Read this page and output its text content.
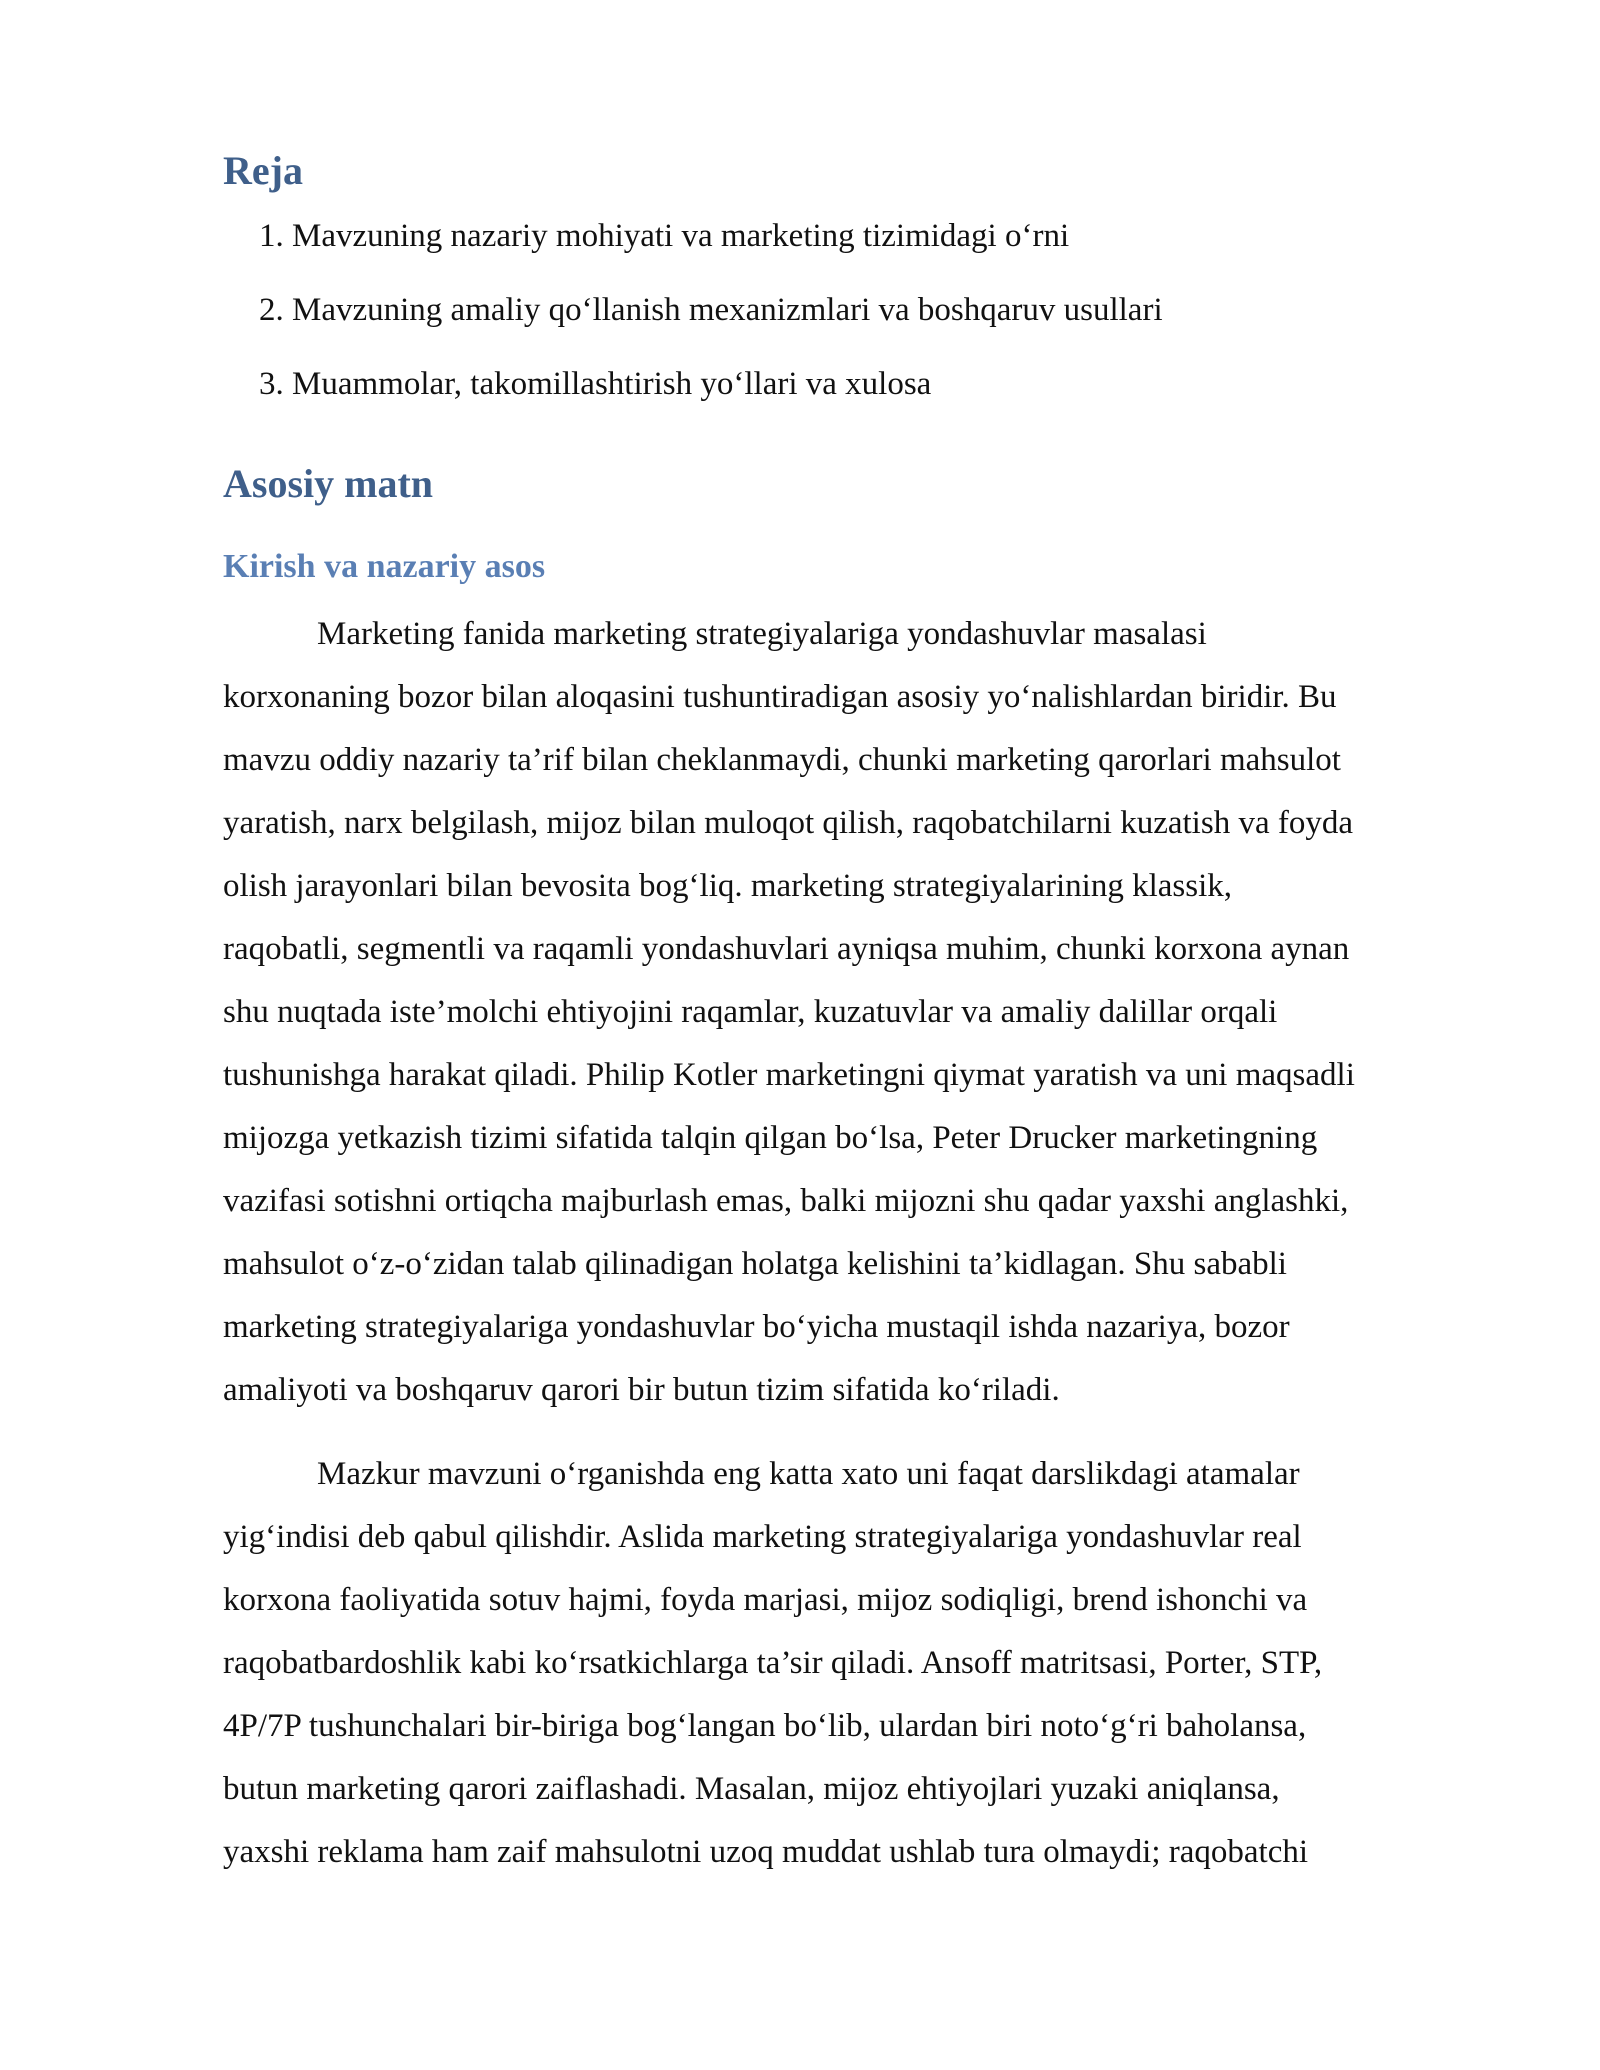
Reja
1. Mavzuning nazariy mohiyati va marketing tizimidagi o‘rni
2. Mavzuning amaliy qo‘llanish mexanizmlari va boshqaruv usullari
3. Muammolar, takomillashtirish yo‘llari va xulosa
Asosiy matn
Kirish va nazariy asos

Marketing fanida marketing strategiyalariga yondashuvlar masalasi
korxonaning bozor bilan aloqasini tushuntiradigan asosiy yo‘nalishlardan biridir. Bu
mavzu oddiy nazariy ta’rif bilan cheklanmaydi, chunki marketing qarorlari mahsulot
yaratish, narx belgilash, mijoz bilan muloqot qilish, raqobatchilarni kuzatish va foyda
olish jarayonlari bilan bevosita bog‘liq. marketing strategiyalarining klassik,
raqobatli, segmentli va raqamli yondashuvlari ayniqsa muhim, chunki korxona aynan
shu nuqtada iste’molchi ehtiyojini raqamlar, kuzatuvlar va amaliy dalillar orqali
tushunishga harakat qiladi. Philip Kotler marketingni qiymat yaratish va uni maqsadli
mijozga yetkazish tizimi sifatida talqin qilgan bo‘lsa, Peter Drucker marketingning
vazifasi sotishni ortiqcha majburlash emas, balki mijozni shu qadar yaxshi anglashki,
mahsulot o‘z-o‘zidan talab qilinadigan holatga kelishini ta’kidlagan. Shu sababli
marketing strategiyalariga yondashuvlar bo‘yicha mustaqil ishda nazariya, bozor
amaliyoti va boshqaruv qarori bir butun tizim sifatida ko‘riladi.

Mazkur mavzuni o‘rganishda eng katta xato uni faqat darslikdagi atamalar
yig‘indisi deb qabul qilishdir. Aslida marketing strategiyalariga yondashuvlar real
korxona faoliyatida sotuv hajmi, foyda marjasi, mijoz sodiqligi, brend ishonchi va
raqobatbardoshlik kabi ko‘rsatkichlarga ta’sir qiladi. Ansoff matritsasi, Porter, STP,
4P/7P tushunchalari bir-biriga bog‘langan bo‘lib, ulardan biri noto‘g‘ri baholansa,
butun marketing qarori zaiflashadi. Masalan, mijoz ehtiyojlari yuzaki aniqlansa,
yaxshi reklama ham zaif mahsulotni uzoq muddat ushlab tura olmaydi; raqobatchi
